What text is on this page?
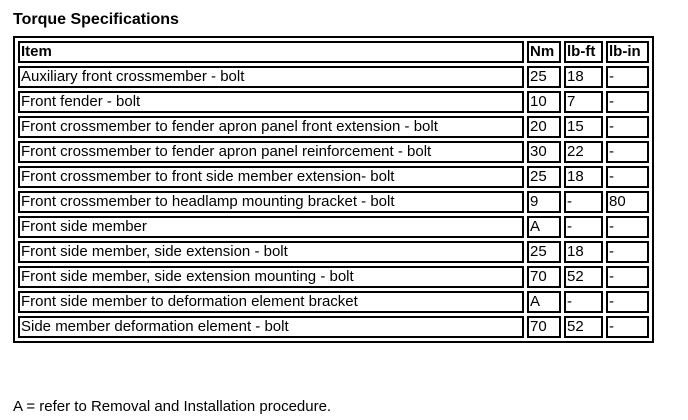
Torque Specifications
Item	Nm	lb-ft	lb-in
Auxiliary front crossmember - bolt	25	18	-
Front fender - bolt	10	7	-
Front crossmember to fender apron panel front extension - bolt	20	15	-
Front crossmember to fender apron panel reinforcement - bolt	30	22	-
Front crossmember to front side member extension- bolt	25	18	-
Front crossmember to headlamp mounting bracket - bolt	9	-	80
Front side member	A	-	-
Front side member, side extension - bolt	25	18	-
Front side member, side extension mounting - bolt	70	52	-
Front side member to deformation element bracket	A	-	-
Side member deformation element - bolt	70	52	-
A = refer to Removal and Installation procedure.
